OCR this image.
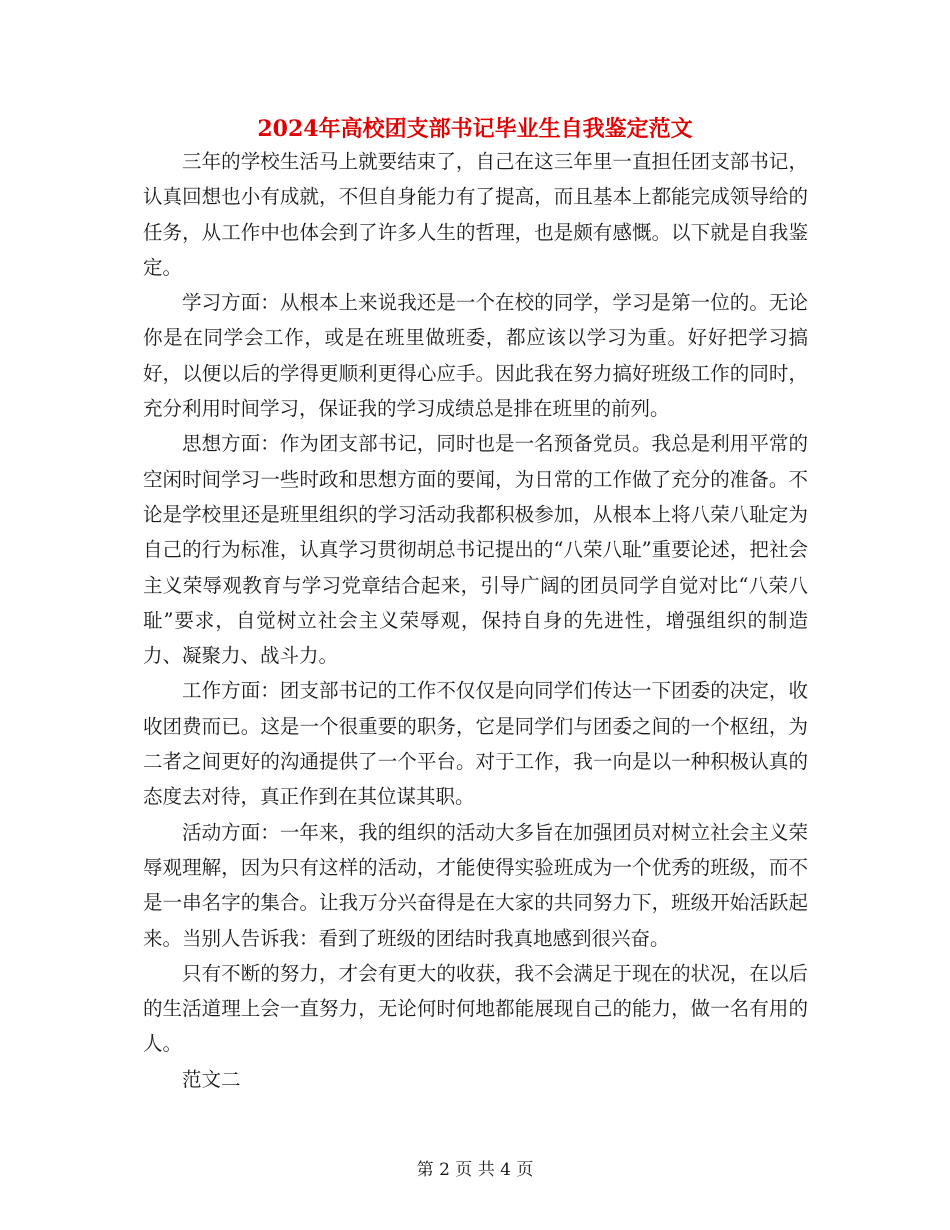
2024年高校团支部书记毕业生自我鉴定范文

三年的学校生活马上就要结束了，自己在这三年里一直担任团支部书记，认真回想也小有成就，不但自身能力有了提高，而且基本上都能完成领导给的任务，从工作中也体会到了许多人生的哲理，也是颇有感慨。以下就是自我鉴定。

学习方面：从根本上来说我还是一个在校的同学，学习是第一位的。无论你是在同学会工作，或是在班里做班委，都应该以学习为重。好好把学习搞好，以便以后的学得更顺利更得心应手。因此我在努力搞好班级工作的同时，充分利用时间学习，保证我的学习成绩总是排在班里的前列。

思想方面：作为团支部书记，同时也是一名预备党员。我总是利用平常的空闲时间学习一些时政和思想方面的要闻，为日常的工作做了充分的准备。不论是学校里还是班里组织的学习活动我都积极参加，从根本上将八荣八耻定为自己的行为标准，认真学习贯彻胡总书记提出的“八荣八耻”重要论述，把社会主义荣辱观教育与学习党章结合起来，引导广阔的团员同学自觉对比“八荣八耻”要求，自觉树立社会主义荣辱观，保持自身的先进性，增强组织的制造力、凝聚力、战斗力。

工作方面：团支部书记的工作不仅仅是向同学们传达一下团委的决定，收收团费而已。这是一个很重要的职务，它是同学们与团委之间的一个枢纽，为二者之间更好的沟通提供了一个平台。对于工作，我一向是以一种积极认真的态度去对待，真正作到在其位谋其职。

活动方面：一年来，我的组织的活动大多旨在加强团员对树立社会主义荣辱观理解，因为只有这样的活动，才能使得实验班成为一个优秀的班级，而不是一串名字的集合。让我万分兴奋得是在大家的共同努力下，班级开始活跃起来。当别人告诉我：看到了班级的团结时我真地感到很兴奋。

只有不断的努力，才会有更大的收获，我不会满足于现在的状况，在以后的生活道理上会一直努力，无论何时何地都能展现自己的能力，做一名有用的人。

范文二

第 2 页 共 4 页
